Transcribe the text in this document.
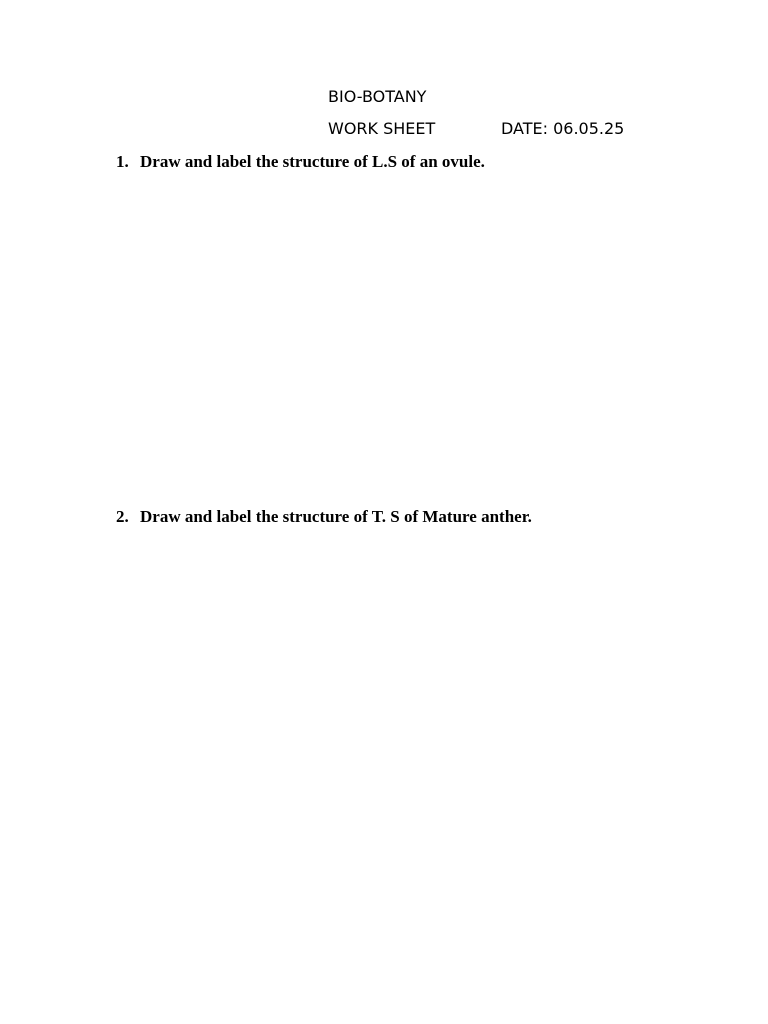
BIO-BOTANY
WORK SHEET	DATE: 06.05.25
1. Draw and label the structure of L.S of an ovule.
2. Draw and label the structure of T. S of Mature anther.
